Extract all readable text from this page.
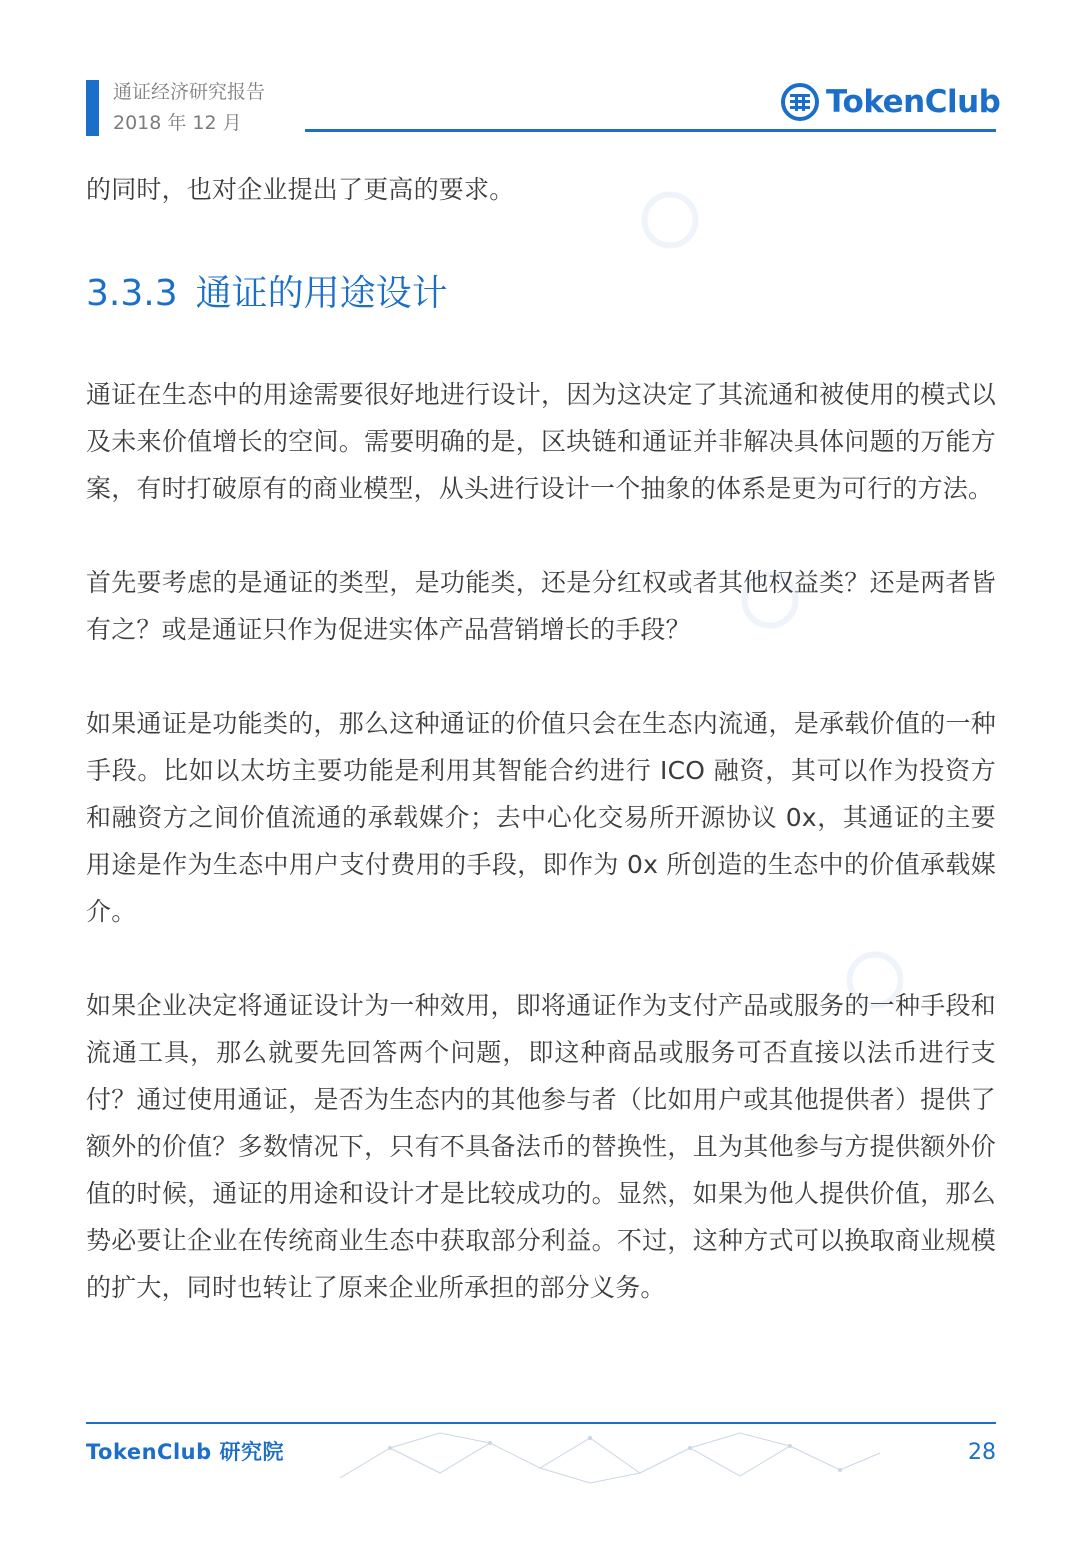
通证经济研究报告
2018 年 12 月
TokenClub

的同时，也对企业提出了更高的要求。

3.3.3 通证的用途设计

通证在生态中的用途需要很好地进行设计，因为这决定了其流通和被使用的模式以及未来价值增长的空间。需要明确的是，区块链和通证并非解决具体问题的万能方案，有时打破原有的商业模型，从头进行设计一个抽象的体系是更为可行的方法。

首先要考虑的是通证的类型，是功能类，还是分红权或者其他权益类？还是两者皆有之？或是通证只作为促进实体产品营销增长的手段？

如果通证是功能类的，那么这种通证的价值只会在生态内流通，是承载价值的一种手段。比如以太坊主要功能是利用其智能合约进行 ICO 融资，其可以作为投资方和融资方之间价值流通的承载媒介；去中心化交易所开源协议 0x，其通证的主要用途是作为生态中用户支付费用的手段，即作为 0x 所创造的生态中的价值承载媒介。

如果企业决定将通证设计为一种效用，即将通证作为支付产品或服务的一种手段和流通工具，那么就要先回答两个问题，即这种商品或服务可否直接以法币进行支付？通过使用通证，是否为生态内的其他参与者（比如用户或其他提供者）提供了额外的价值？多数情况下，只有不具备法币的替换性，且为其他参与方提供额外价值的时候，通证的用途和设计才是比较成功的。显然，如果为他人提供价值，那么势必要让企业在传统商业生态中获取部分利益。不过，这种方式可以换取商业规模的扩大，同时也转让了原来企业所承担的部分义务。

TokenClub 研究院	28
